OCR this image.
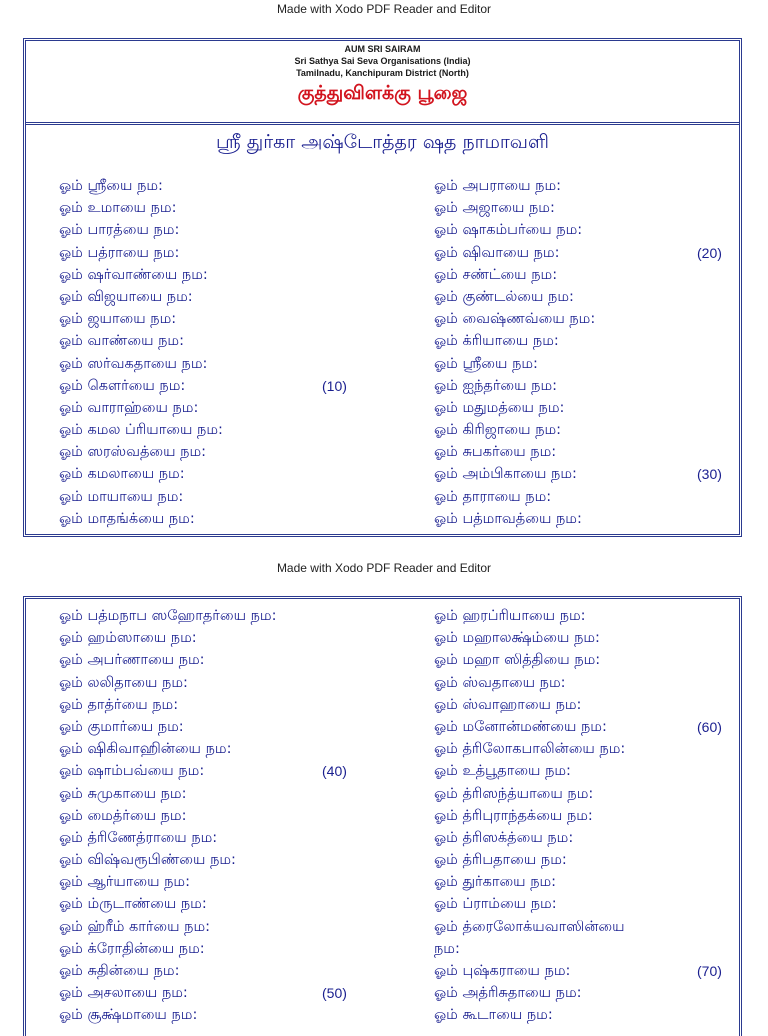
Made with Xodo PDF Reader and Editor
AUM SRI SAIRAM
Sri Sathya Sai Seva Organisations (India)
Tamilnadu, Kanchipuram District (North)
குத்துவிளக்கு பூஜை
ஸ்ரீ துர்கா அஷ்டோத்தர ஷத நாமாவளி
ஓம் ஸ்ரீயை நம:
ஓம் உமாயை நம:
ஓம் பாரத்யை நம:
ஓம் பத்ராயை நம:
ஓம் ஷர்வாண்யை நம:
ஓம் விஜயாயை நம:
ஓம் ஜயாயை நம:
ஓம் வாண்யை நம:
ஓம் ஸர்வகதாயை நம:
ஓம் கௌர்யை நம:	(10)
ஓம் வாராஹ்யை நம:
ஓம் கமல ப்ரியாயை நம:
ஓம் ஸரஸ்வத்யை நம:
ஓம் கமலாயை நம:
ஓம் மாயாயை நம:
ஓம் மாதங்க்யை நம:
ஓம் அபராயை நம:
ஓம் அஜாயை நம:
ஓம் ஷாகம்பர்யை நம:
ஓம் ஷிவாயை நம:	(20)
ஓம் சண்ட்யை நம:
ஓம் குண்டல்யை நம:
ஓம் வைஷ்ணவ்யை நம:
ஓம் க்ரியாயை நம:
ஓம் ஸ்ரீயை நம:
ஓம் ஐந்தர்யை நம:
ஓம் மதுமத்யை நம:
ஓம் கிரிஜாயை நம:
ஓம் சுபகர்யை நம:
ஓம் அம்பிகாயை நம:	(30)
ஓம் தாராயை நம:
ஓம் பத்மாவத்யை நம:
Made with Xodo PDF Reader and Editor
ஓம் பத்மநாப ஸஹோதர்யை நம:
ஓம் ஹம்ஸாயை நம:
ஓம் அபர்ணாயை நம:
ஓம் லலிதாயை நம:
ஓம் தாத்ர்யை நம:
ஓம் குமார்யை நம:
ஓம் ஷிகிவாஹின்யை நம:
ஓம் ஷாம்பவ்யை நம:	(40)
ஓம் சுமுகாயை நம:
ஓம் மைத்ர்யை நம:
ஓம் த்ரிணேத்ராயை நம:
ஓம் விஷ்வரூபிண்யை நம:
ஓம் ஆர்யாயை நம:
ஓம் ம்ருடாண்யை நம:
ஓம் ஹ்ரீம் கார்யை நம:
ஓம் க்ரோதின்யை நம:
ஓம் சுதின்யை நம:
ஓம் அசலாயை நம:	(50)
ஓம் சூக்ஷ்மாயை நம:
ஓம் ஹரப்ரியாயை நம:
ஓம் மஹாலக்ஷ்ம்யை நம:
ஓம் மஹா ஸித்தியை நம:
ஓம் ஸ்வதாயை நம:
ஓம் ஸ்வாஹாயை நம:
ஓம் மனோன்மண்யை நம:	(60)
ஓம் த்ரிலோகபாலின்யை நம:
ஓம் உத்பூதாயை நம:
ஓம் த்ரிஸந்த்யாயை நம:
ஓம் த்ரிபுராந்தக்யை நம:
ஓம் த்ரிஸக்த்யை நம:
ஓம் த்ரிபதாயை நம:
ஓம் துர்காயை நம:
ஓம் ப்ராம்யை நம:
ஓம் த்ரைலோக்யவாஸின்யை
நம:
ஓம் புஷ்கராயை நம:	(70)
ஓம் அத்ரிசுதாயை நம:
ஓம் கூடாயை நம:
